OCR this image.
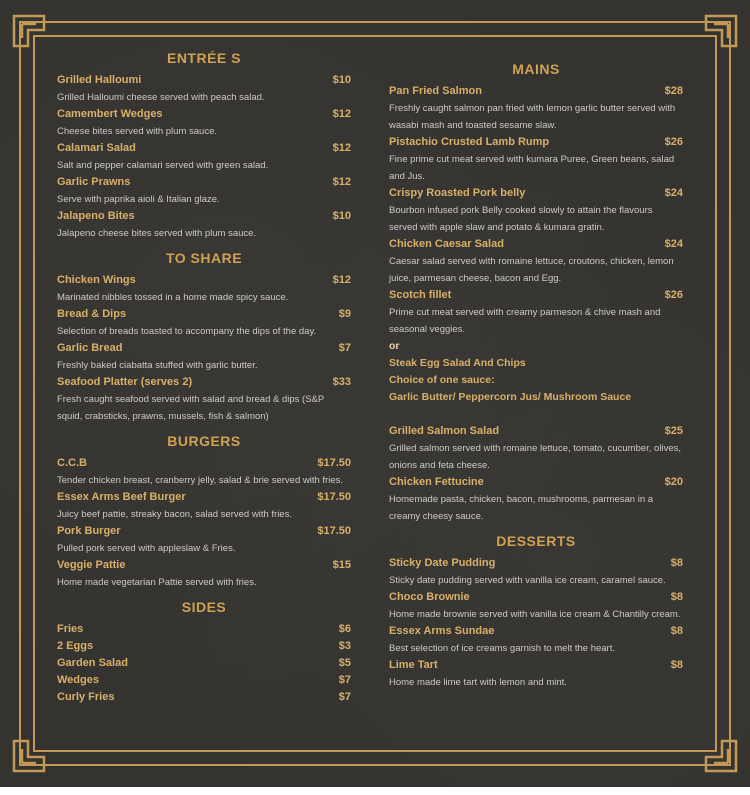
ENTRÉE S
Grilled Halloumi	$10
Grilled Halloumi cheese served with peach salad.
Camembert Wedges	$12
Cheese bites served with plum sauce.
Calamari Salad	$12
Salt and pepper calamari served with green salad.
Garlic Prawns	$12
Serve with paprika aioli & Italian glaze.
Jalapeno Bites	$10
Jalapeno cheese bites served with plum sauce.
TO SHARE
Chicken Wings	$12
Marinated nibbles tossed in a home made spicy sauce.
Bread & Dips	$9
Selection of breads toasted to accompany the dips of the day.
Garlic Bread	$7
Freshly baked ciabatta stuffed with garlic butter.
Seafood Platter (serves 2)	$33
Fresh caught seafood served with salad and bread & dips (S&P squid, crabsticks, prawns, mussels, fish & salmon)
BURGERS
C.C.B	$17.50
Tender chicken breast, cranberry jelly, salad & brie served with fries.
Essex Arms Beef Burger	$17.50
Juicy beef pattie, streaky bacon, salad served with fries.
Pork Burger	$17.50
Pulled pork served with appleslaw & Fries.
Veggie Pattie	$15
Home made vegetarian Pattie served with fries.
SIDES
Fries	$6
2 Eggs	$3
Garden Salad	$5
Wedges	$7
Curly Fries	$7
MAINS
Pan Fried Salmon	$28
Freshly caught salmon pan fried with lemon garlic butter served with wasabi mash and toasted sesame slaw.
Pistachio Crusted Lamb Rump	$26
Fine prime cut meat served with kumara Puree, Green beans, salad and Jus.
Crispy Roasted Pork belly	$24
Bourbon infused pork Belly cooked slowly to attain the flavours served with apple slaw and potato & kumara gratin.
Chicken Caesar Salad	$24
Caesar salad served with romaine lettuce, croutons, chicken, lemon juice, parmesan cheese, bacon and Egg.
Scotch fillet	$26
Prime cut meat served with creamy parmeson & chive mash and seasonal veggies.
or
Steak Egg Salad And Chips
Choice of one sauce:
Garlic Butter/ Peppercorn Jus/ Mushroom Sauce
Grilled Salmon Salad	$25
Grilled salmon served with romaine lettuce, tomato, cucumber, olives, onions and feta cheese.
Chicken Fettucine	$20
Homemade pasta, chicken, bacon, mushrooms, parmesan in a creamy cheesy sauce.
DESSERTS
Sticky Date Pudding	$8
Sticky date pudding served with vanilla ice cream, caramel sauce.
Choco Brownie	$8
Home made brownie served with vanilla ice cream & Chantilly cream.
Essex Arms Sundae	$8
Best selection of ice creams garnish to melt the heart.
Lime Tart	$8
Home made lime tart with lemon and mint.
